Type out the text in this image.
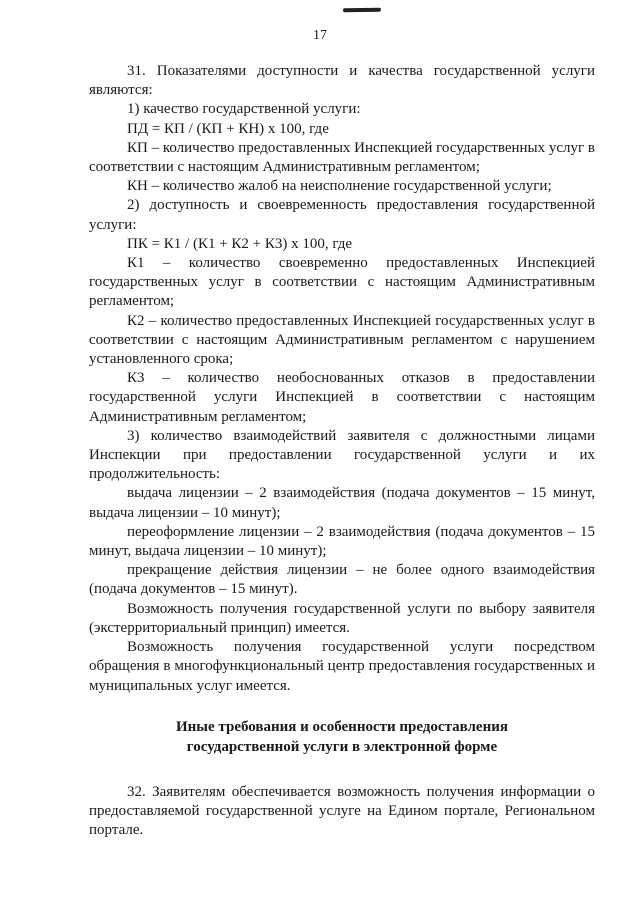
17

31. Показателями доступности и качества государственной услуги являются:

1) качество государственной услуги:

ПД = КП / (КП + КН) х 100, где

КП – количество предоставленных Инспекцией государственных услуг в соответствии с настоящим Административным регламентом;

КН – количество жалоб на неисполнение государственной услуги;

2) доступность и своевременность предоставления государственной услуги:

ПК = К1 / (К1 + К2 + К3) х 100, где

К1 – количество своевременно предоставленных Инспекцией государственных услуг в соответствии с настоящим Административным регламентом;

К2 – количество предоставленных Инспекцией государственных услуг в соответствии с настоящим Административным регламентом с нарушением установленного срока;

К3 – количество необоснованных отказов в предоставлении государственной услуги Инспекцией в соответствии с настоящим Административным регламентом;

3) количество взаимодействий заявителя с должностными лицами Инспекции при предоставлении государственной услуги и их продолжительность:

выдача лицензии – 2 взаимодействия (подача документов – 15 минут, выдача лицензии – 10 минут);

переоформление лицензии – 2 взаимодействия (подача документов – 15 минут, выдача лицензии – 10 минут);

прекращение действия лицензии – не более одного взаимодействия (подача документов – 15 минут).

Возможность получения государственной услуги по выбору заявителя (экстерриториальный принцип) имеется.

Возможность получения государственной услуги посредством обращения в многофункциональный центр предоставления государственных и муниципальных услуг имеется.

Иные требования и особенности предоставления
государственной услуги в электронной форме

32. Заявителям обеспечивается возможность получения информации о предоставляемой государственной услуге на Едином портале, Региональном портале.
